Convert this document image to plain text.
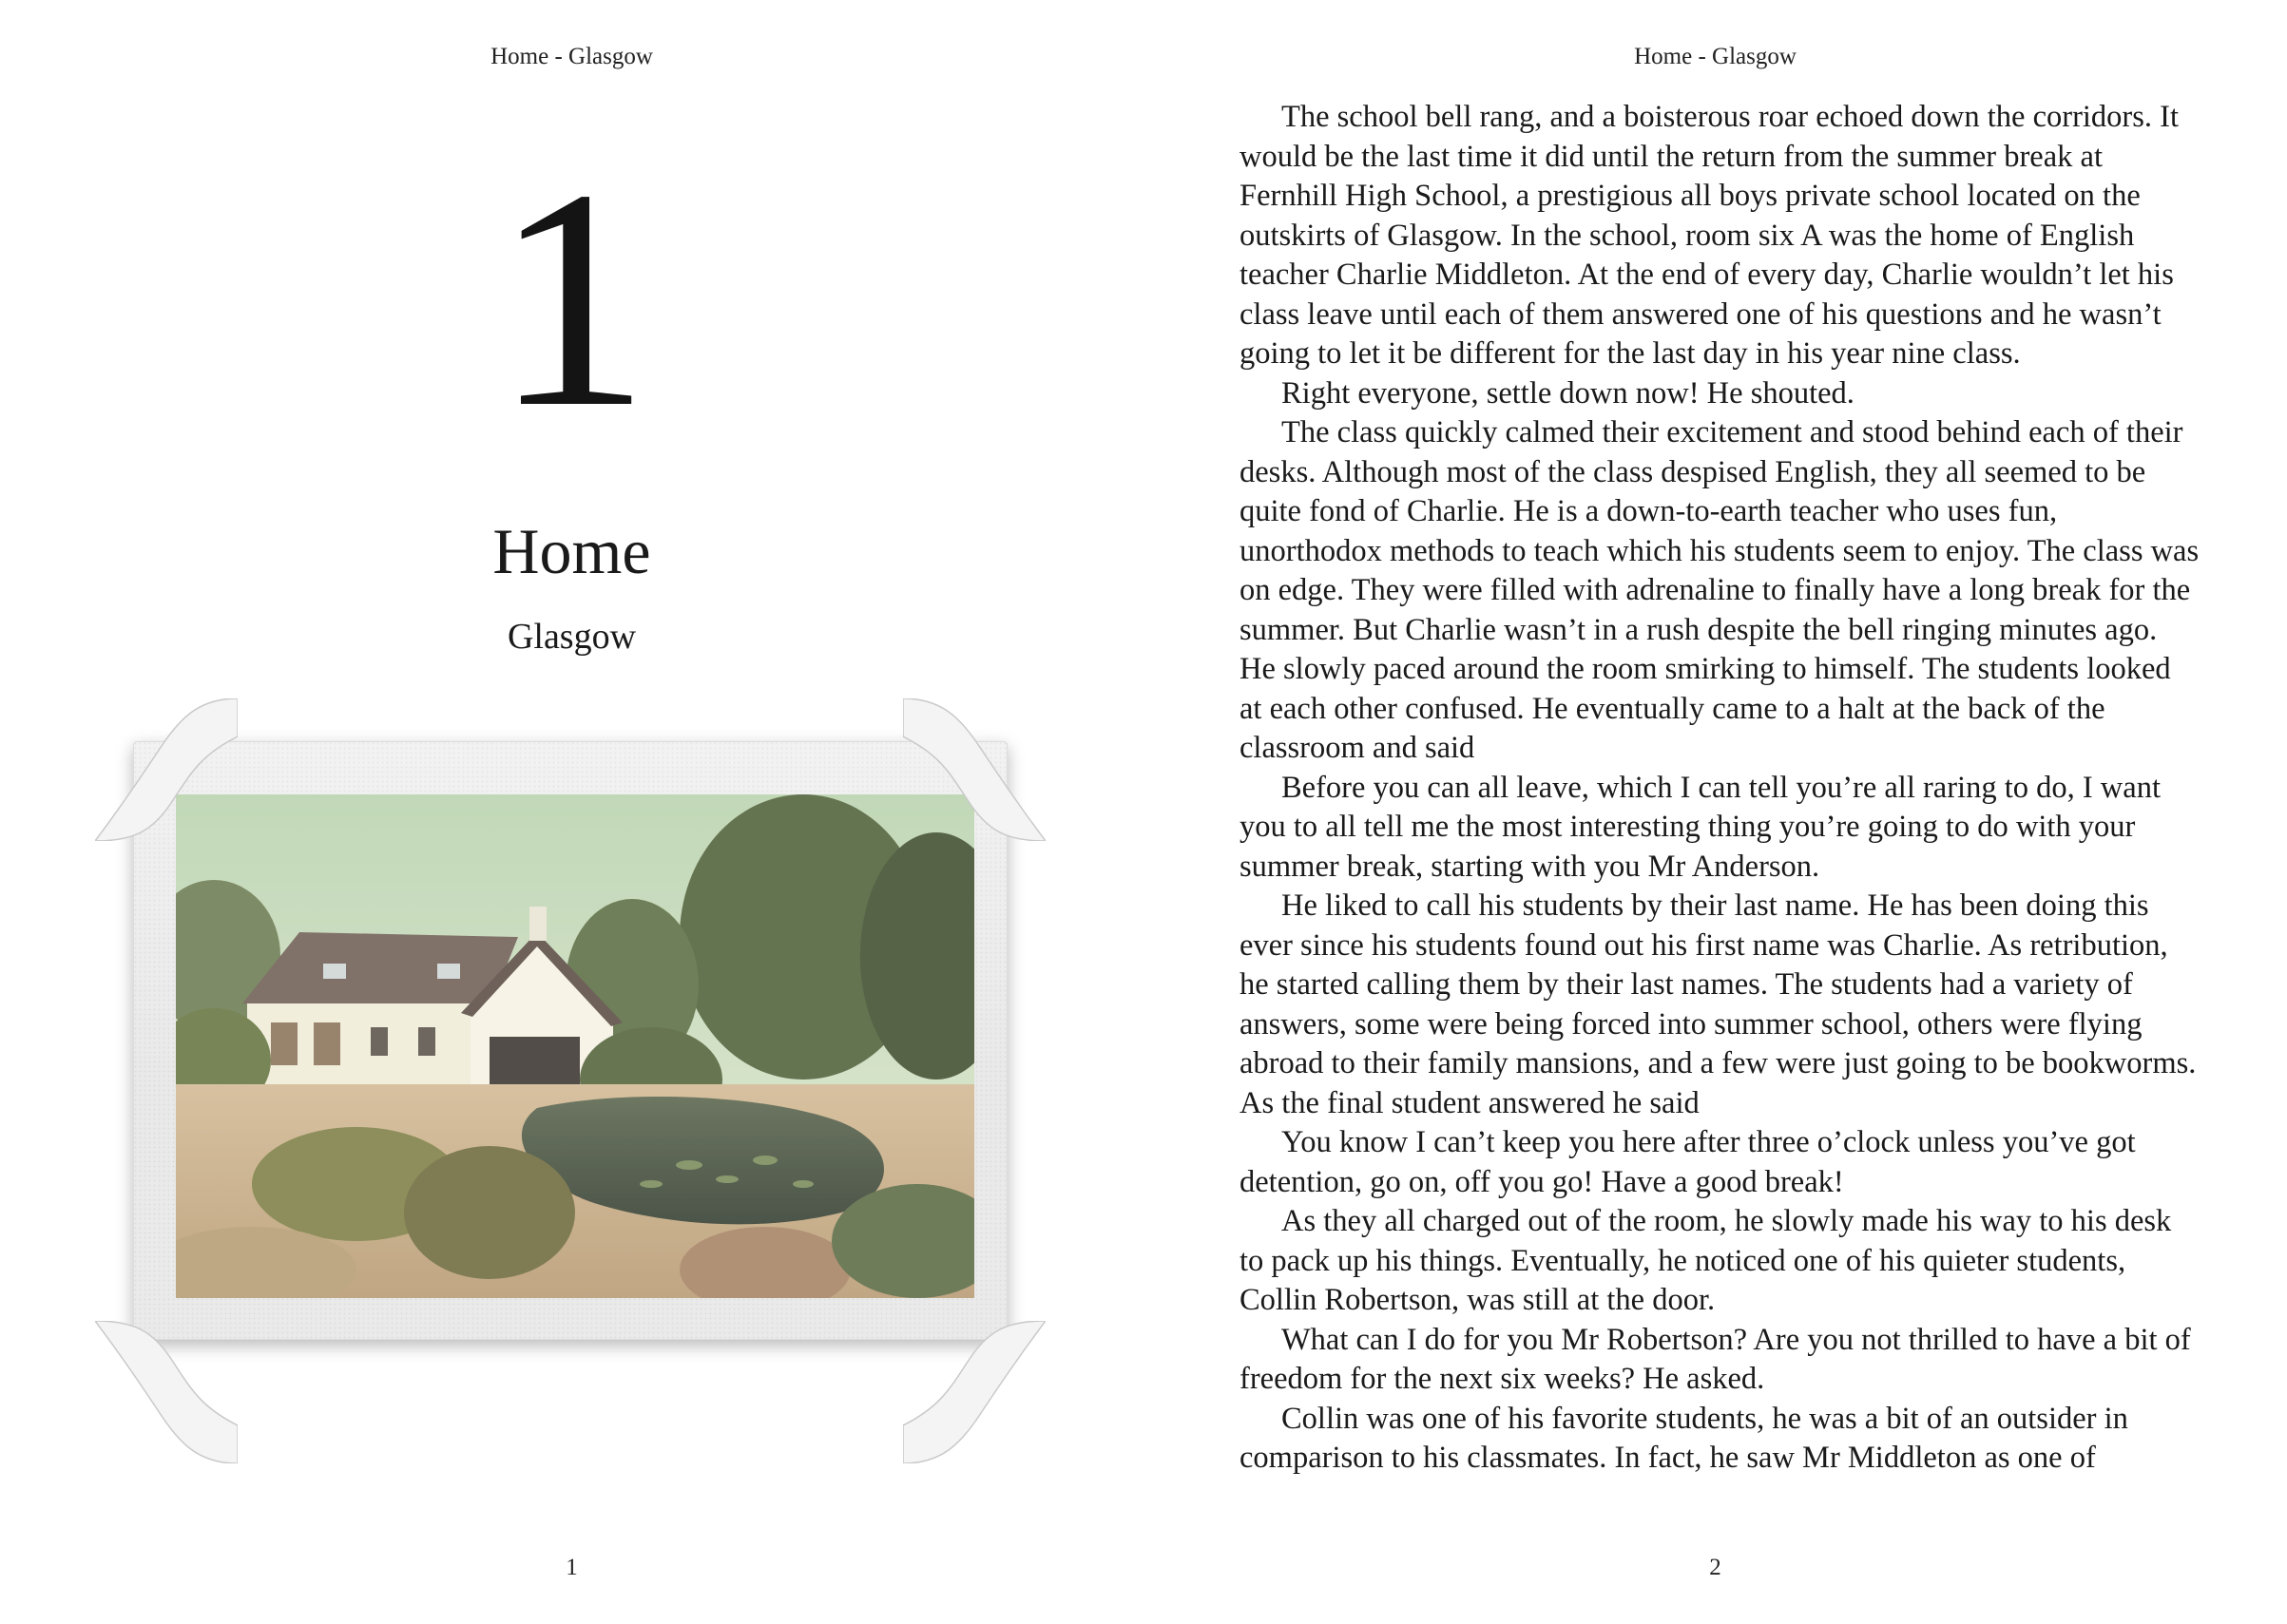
Home - Glasgow
1
Home
Glasgow
1
Home - Glasgow
2

The school bell rang, and a boisterous roar echoed down the corridors. It would be the last time it did until the return from the summer break at Fernhill High School, a prestigious all boys private school located on the outskirts of Glasgow. In the school, room six A was the home of English teacher Charlie Middleton. At the end of every day, Charlie wouldn’t let his class leave until each of them answered one of his questions and he wasn’t going to let it be different for the last day in his year nine class.

Right everyone, settle down now! He shouted.

The class quickly calmed their excitement and stood behind each of their desks. Although most of the class despised English, they all seemed to be quite fond of Charlie. He is a down-to-earth teacher who uses fun, unorthodox methods to teach which his students seem to enjoy. The class was on edge. They were filled with adrenaline to finally have a long break for the summer. But Charlie wasn’t in a rush despite the bell ringing minutes ago. He slowly paced around the room smirking to himself. The students looked at each other confused. He eventually came to a halt at the back of the classroom and said

Before you can all leave, which I can tell you’re all raring to do, I want you to all tell me the most interesting thing you’re going to do with your summer break, starting with you Mr Anderson.

He liked to call his students by their last name. He has been doing this ever since his students found out his first name was Charlie. As retribution, he started calling them by their last names. The students had a variety of answers, some were being forced into summer school, others were flying abroad to their family mansions, and a few were just going to be bookworms. As the final student answered he said

You know I can’t keep you here after three o’clock unless you’ve got detention, go on, off you go! Have a good break!

As they all charged out of the room, he slowly made his way to his desk to pack up his things. Eventually, he noticed one of his quieter students, Collin Robertson, was still at the door.

What can I do for you Mr Robertson? Are you not thrilled to have a bit of freedom for the next six weeks? He asked.

Collin was one of his favorite students, he was a bit of an outsider in comparison to his classmates. In fact, he saw Mr Middleton as one of
